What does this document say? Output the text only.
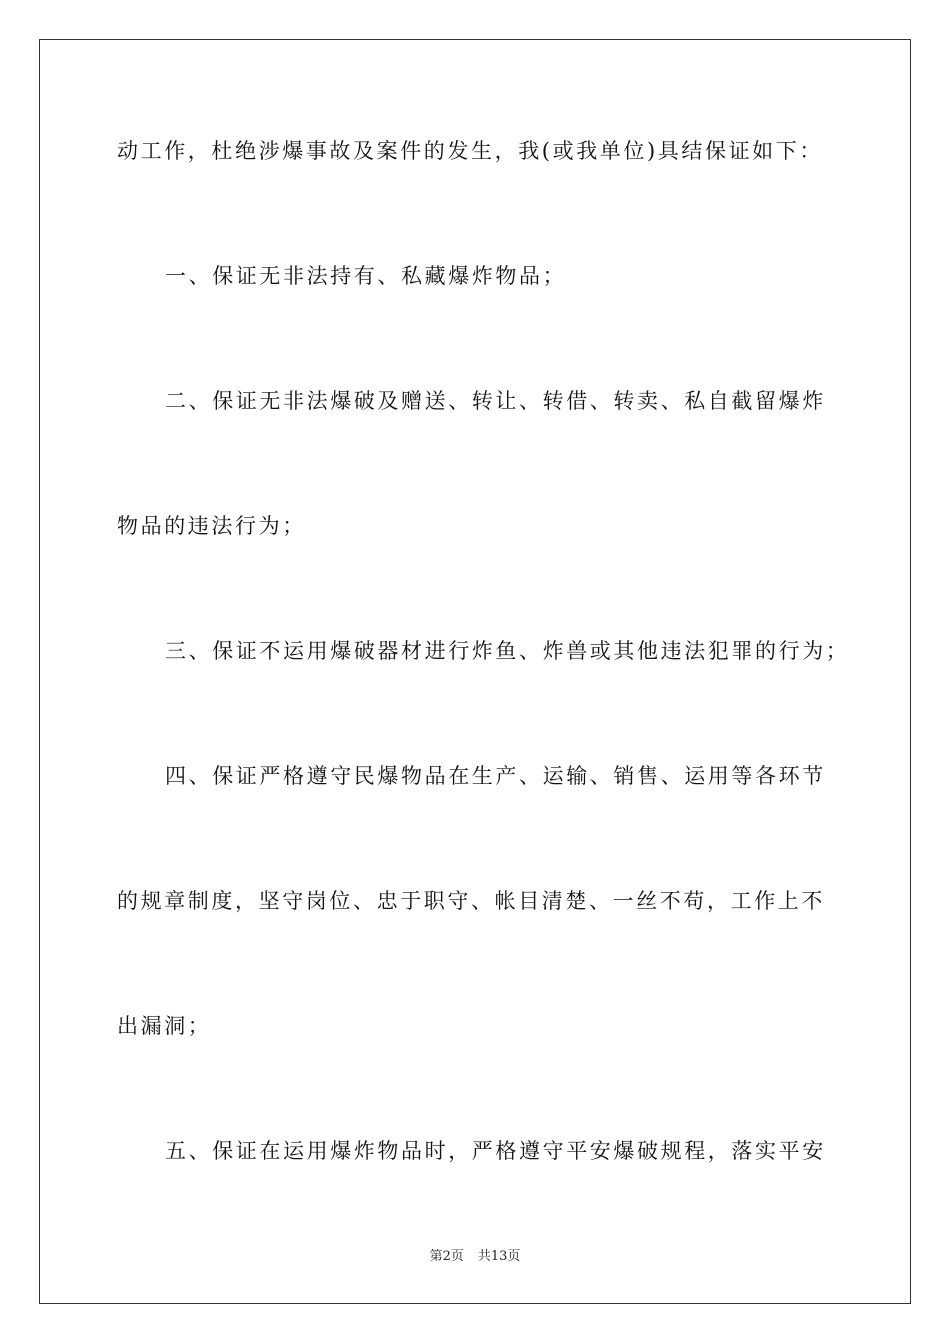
动工作，杜绝涉爆事故及案件的发生，我(或我单位)具结保证如下：
一、保证无非法持有、私藏爆炸物品；
二、保证无非法爆破及赠送、转让、转借、转卖、私自截留爆炸
物品的违法行为；
三、保证不运用爆破器材进行炸鱼、炸兽或其他违法犯罪的行为；
四、保证严格遵守民爆物品在生产、运输、销售、运用等各环节
的规章制度，坚守岗位、忠于职守、帐目清楚、一丝不苟，工作上不
出漏洞；
五、保证在运用爆炸物品时，严格遵守平安爆破规程，落实平安
第2页 共13页
